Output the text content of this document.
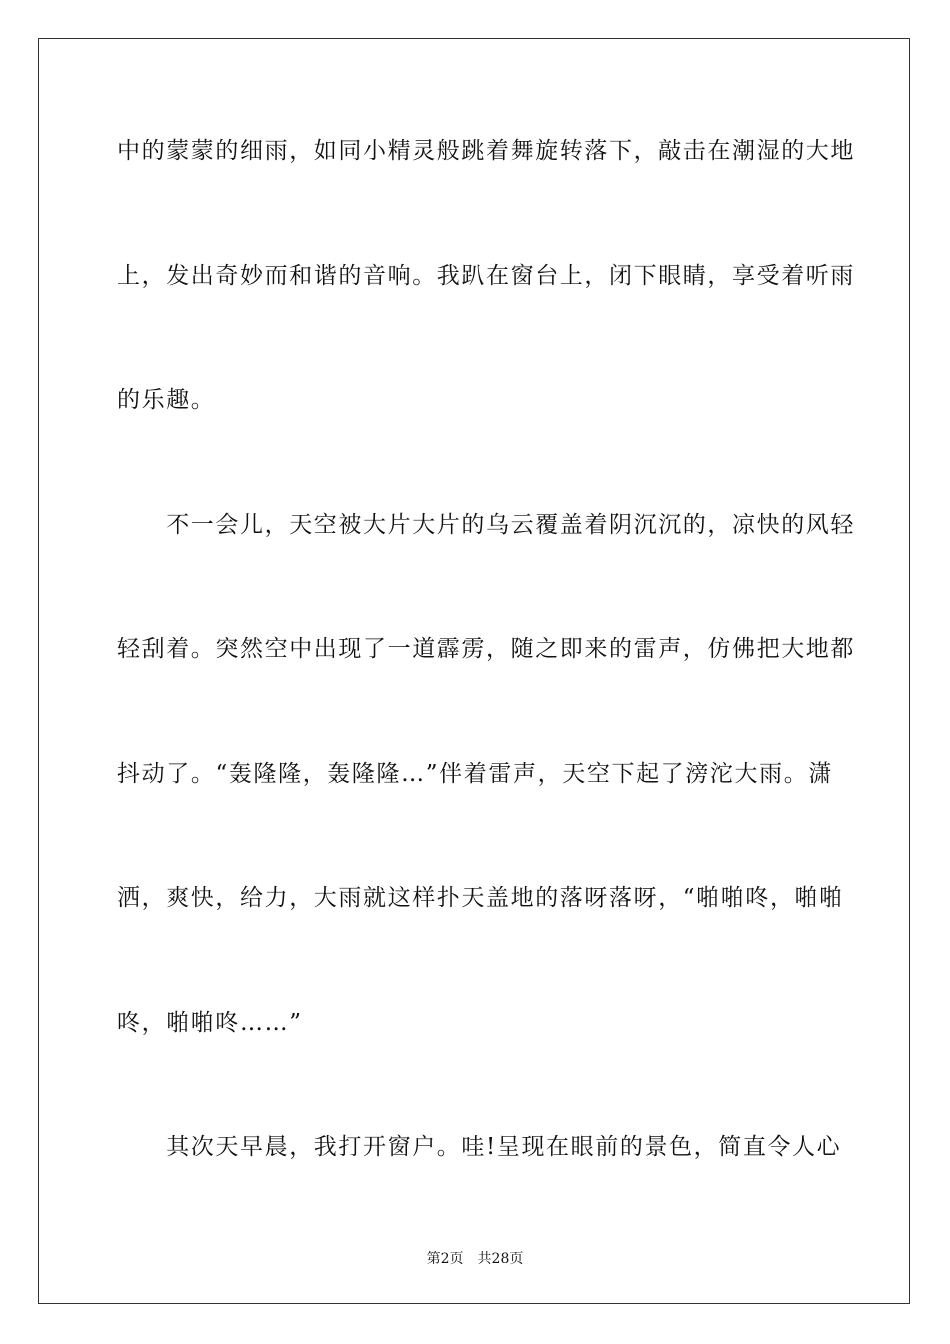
中的蒙蒙的细雨，如同小精灵般跳着舞旋转落下，敲击在潮湿的大地
上，发出奇妙而和谐的音响。我趴在窗台上，闭下眼睛，享受着听雨
的乐趣。
　　不一会儿，天空被大片大片的乌云覆盖着阴沉沉的，凉快的风轻
轻刮着。突然空中出现了一道霹雳，随之即来的雷声，仿佛把大地都
抖动了。“轰隆隆，轰隆隆…”伴着雷声，天空下起了滂沱大雨。潇
洒，爽快，给力，大雨就这样扑天盖地的落呀落呀，“啪啪咚，啪啪
咚，啪啪咚……”
　　其次天早晨，我打开窗户。哇!呈现在眼前的景色，简直令人心
第2页 共28页
